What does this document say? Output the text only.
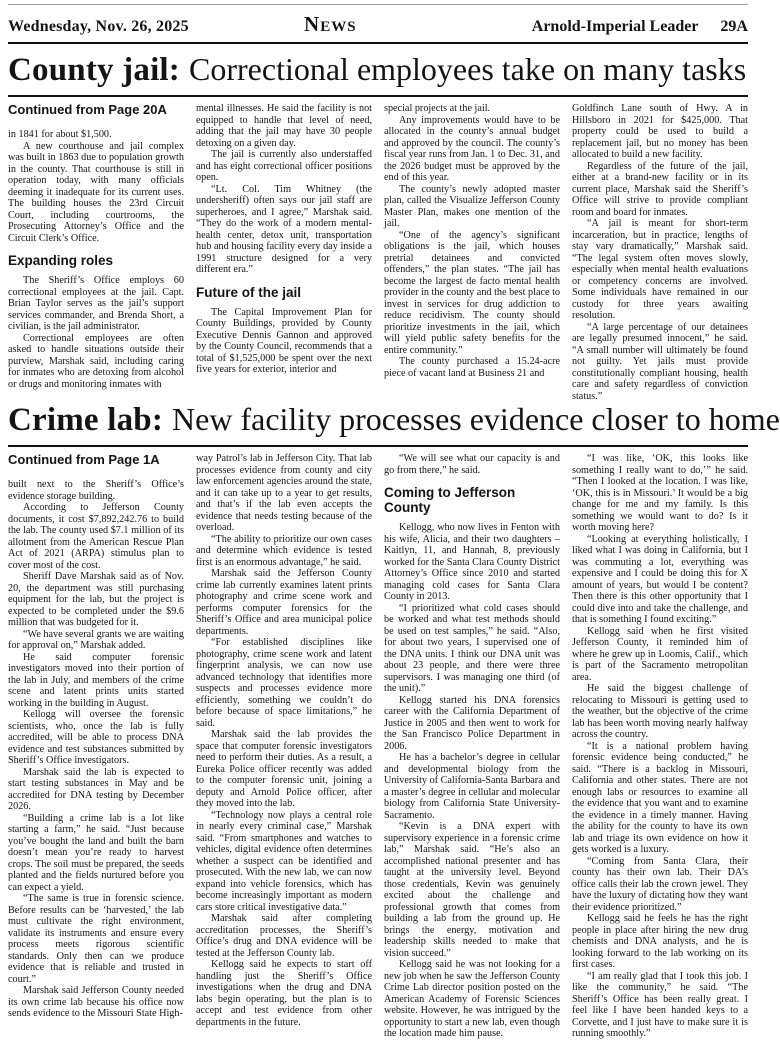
Wednesday, Nov. 26, 2025	News	Arnold-Imperial Leader 29A
County jail: Correctional employees take on many tasks
Continued from Page 20A

in 1841 for about $1,500.

A new courthouse and jail complex was built in 1863 due to population growth in the county. That courthouse is still in operation today, with many officials deeming it inadequate for its current uses. The building houses the 23rd Circuit Court, including courtrooms, the Prosecuting Attorney’s Office and the Circuit Clerk’s Office.

Expanding roles

The Sheriff’s Office employs 60 correctional employees at the jail. Capt. Brian Taylor serves as the jail’s support services commander, and Brenda Short, a civilian, is the jail administrator.

Correctional employees are often asked to handle situations outside their purview, Marshak said, including caring for inmates who are detoxing from alcohol or drugs and monitoring inmates with

mental illnesses. He said the facility is not equipped to handle that level of need, adding that the jail may have 30 people detoxing on a given day.

The jail is currently also understaffed and has eight correctional officer positions open.

“Lt. Col. Tim Whitney (the undersheriff) often says our jail staff are superheroes, and I agree,” Marshak said. “They do the work of a modern mental-health center, detox unit, transportation hub and housing facility every day inside a 1991 structure designed for a very different era.”

Future of the jail

The Capital Improvement Plan for County Buildings, provided by County Executive Dennis Gannon and approved by the County Council, recommends that a total of $1,525,000 be spent over the next five years for exterior, interior and

special projects at the jail.

Any improvements would have to be allocated in the county’s annual budget and approved by the council. The county’s fiscal year runs from Jan. 1 to Dec. 31, and the 2026 budget must be approved by the end of this year.

The county’s newly adopted master plan, called the Visualize Jefferson County Master Plan, makes one mention of the jail.

“One of the agency’s significant obligations is the jail, which houses pretrial detainees and convicted offenders,” the plan states. “The jail has become the largest de facto mental health provider in the county and the best place to invest in services for drug addiction to reduce recidivism. The county should prioritize investments in the jail, which will yield public safety benefits for the entire community.”

The county purchased a 15.24-acre piece of vacant land at Business 21 and

Goldfinch Lane south of Hwy. A in Hillsboro in 2021 for $425,000. That property could be used to build a replacement jail, but no money has been allocated to build a new facility.

Regardless of the future of the jail, either at a brand-new facility or in its current place, Marshak said the Sheriff’s Office will strive to provide compliant room and board for inmates.

“A jail is meant for short-term incarceration, but in practice, lengths of stay vary dramatically,” Marshak said. “The legal system often moves slowly, especially when mental health evaluations or competency concerns are involved. Some individuals have remained in our custody for three years awaiting resolution.

“A large percentage of our detainees are legally presumed innocent,” he said. “A small number will ultimately be found not guilty. Yet jails must provide constitutionally compliant housing, health care and safety regardless of conviction status.”

Crime lab: New facility processes evidence closer to home
Continued from Page 1A

built next to the Sheriff’s Office’s evidence storage building.

According to Jefferson County documents, it cost $7,892,242.76 to build the lab. The county used $7.1 million of its allotment from the American Rescue Plan Act of 2021 (ARPA) stimulus plan to cover most of the cost.

Sheriff Dave Marshak said as of Nov. 20, the department was still purchasing equipment for the lab, but the project is expected to be completed under the $9.6 million that was budgeted for it.

“We have several grants we are waiting for approval on,” Marshak added.

He said computer forensic investigators moved into their portion of the lab in July, and members of the crime scene and latent prints units started working in the building in August.

Kellogg will oversee the forensic scientists, who, once the lab is fully accredited, will be able to process DNA evidence and test substances submitted by Sheriff’s Office investigators.

Marshak said the lab is expected to start testing substances in May and be accredited for DNA testing by December 2026.

“Building a crime lab is a lot like starting a farm,” he said. “Just because you’ve bought the land and built the barn doesn’t mean you’re ready to harvest crops. The soil must be prepared, the seeds planted and the fields nurtured before you can expect a yield.

“The same is true in forensic science. Before results can be ‘harvested,’ the lab must cultivate the right environment, validate its instruments and ensure every process meets rigorous scientific standards. Only then can we produce evidence that is reliable and trusted in court.”

Marshak said Jefferson County needed its own crime lab because his office now sends evidence to the Missouri State High-

way Patrol’s lab in Jefferson City. That lab processes evidence from county and city law enforcement agencies around the state, and it can take up to a year to get results, and that’s if the lab even accepts the evidence that needs testing because of the overload.

“The ability to prioritize our own cases and determine which evidence is tested first is an enormous advantage,” he said.

Marshak said the Jefferson County crime lab currently examines latent prints photography and crime scene work and performs computer forensics for the Sheriff’s Office and area municipal police departments.

“For established disciplines like photography, crime scene work and latent fingerprint analysis, we can now use advanced technology that identifies more suspects and processes evidence more efficiently, something we couldn’t do before because of space limitations,” he said.

Marshak said the lab provides the space that computer forensic investigators need to perform their duties. As a result, a Eureka Police officer recently was added to the computer forensic unit, joining a deputy and Arnold Police officer, after they moved into the lab.

“Technology now plays a central role in nearly every criminal case,” Marshak said. “From smartphones and watches to vehicles, digital evidence often determines whether a suspect can be identified and prosecuted. With the new lab, we can now expand into vehicle forensics, which has become increasingly important as modern cars store critical investigative data.”

Marshak said after completing accreditation processes, the Sheriff’s Office’s drug and DNA evidence will be tested at the Jefferson County lab.

Kellogg said he expects to start off handling just the Sheriff’s Office investigations when the drug and DNA labs begin operating, but the plan is to accept and test evidence from other departments in the future.

“We will see what our capacity is and go from there,” he said.

Coming to Jefferson County

Kellogg, who now lives in Fenton with his wife, Alicia, and their two daughters – Kaitlyn, 11, and Hannah, 8, previously worked for the Santa Clara County District Attorney’s Office since 2010 and started managing cold cases for Santa Clara County in 2013.

“I prioritized what cold cases should be worked and what test methods should be used on test samples,” he said. “Also, for about two years, I supervised one of the DNA units. I think our DNA unit was about 23 people, and there were three supervisors. I was managing one third (of the unit).”

Kellogg started his DNA forensics career with the California Department of Justice in 2005 and then went to work for the San Francisco Police Department in 2006.

He has a bachelor’s degree in cellular and developmental biology from the University of California-Santa Barbara and a master’s degree in cellular and molecular biology from California State University-Sacramento.

“Kevin is a DNA expert with supervisory experience in a forensic crime lab,” Marshak said. “He’s also an accomplished national presenter and has taught at the university level. Beyond those credentials, Kevin was genuinely excited about the challenge and professional growth that comes from building a lab from the ground up. He brings the energy, motivation and leadership skills needed to make that vision succeed.”

Kellogg said he was not looking for a new job when he saw the Jefferson County Crime Lab director position posted on the American Academy of Forensic Sciences website. However, he was intrigued by the opportunity to start a new lab, even though the location made him pause.

“I was like, ‘OK, this looks like something I really want to do,’” he said. “Then I looked at the location. I was like, ‘OK, this is in Missouri.’ It would be a big change for me and my family. Is this something we would want to do? Is it worth moving here?

“Looking at everything holistically, I liked what I was doing in California, but I was commuting a lot, everything was expensive and I could be doing this for X amount of years, but would I be content? Then there is this other opportunity that I could dive into and take the challenge, and that is something I found exciting.”

Kellogg said when he first visited Jefferson County, it reminded him of where he grew up in Loomis, Calif., which is part of the Sacramento metropolitan area.

He said the biggest challenge of relocating to Missouri is getting used to the weather, but the objective of the crime lab has been worth moving nearly halfway across the country.

“It is a national problem having forensic evidence being conducted,” he said. “There is a backlog in Missouri, California and other states. There are not enough labs or resources to examine all the evidence that you want and to examine the evidence in a timely manner. Having the ability for the county to have its own lab and triage its own evidence on how it gets worked is a luxury.

“Coming from Santa Clara, their county has their own lab. Their DA’s office calls their lab the crown jewel. They have the luxury of dictating how they want their evidence prioritized.”

Kellogg said he feels he has the right people in place after hiring the new drug chemists and DNA analysts, and he is looking forward to the lab working on its first cases.

“I am really glad that I took this job. I like the community,” he said. “The Sheriff’s Office has been really great. I feel like I have been handed keys to a Corvette, and I just have to make sure it is running smoothly.”
